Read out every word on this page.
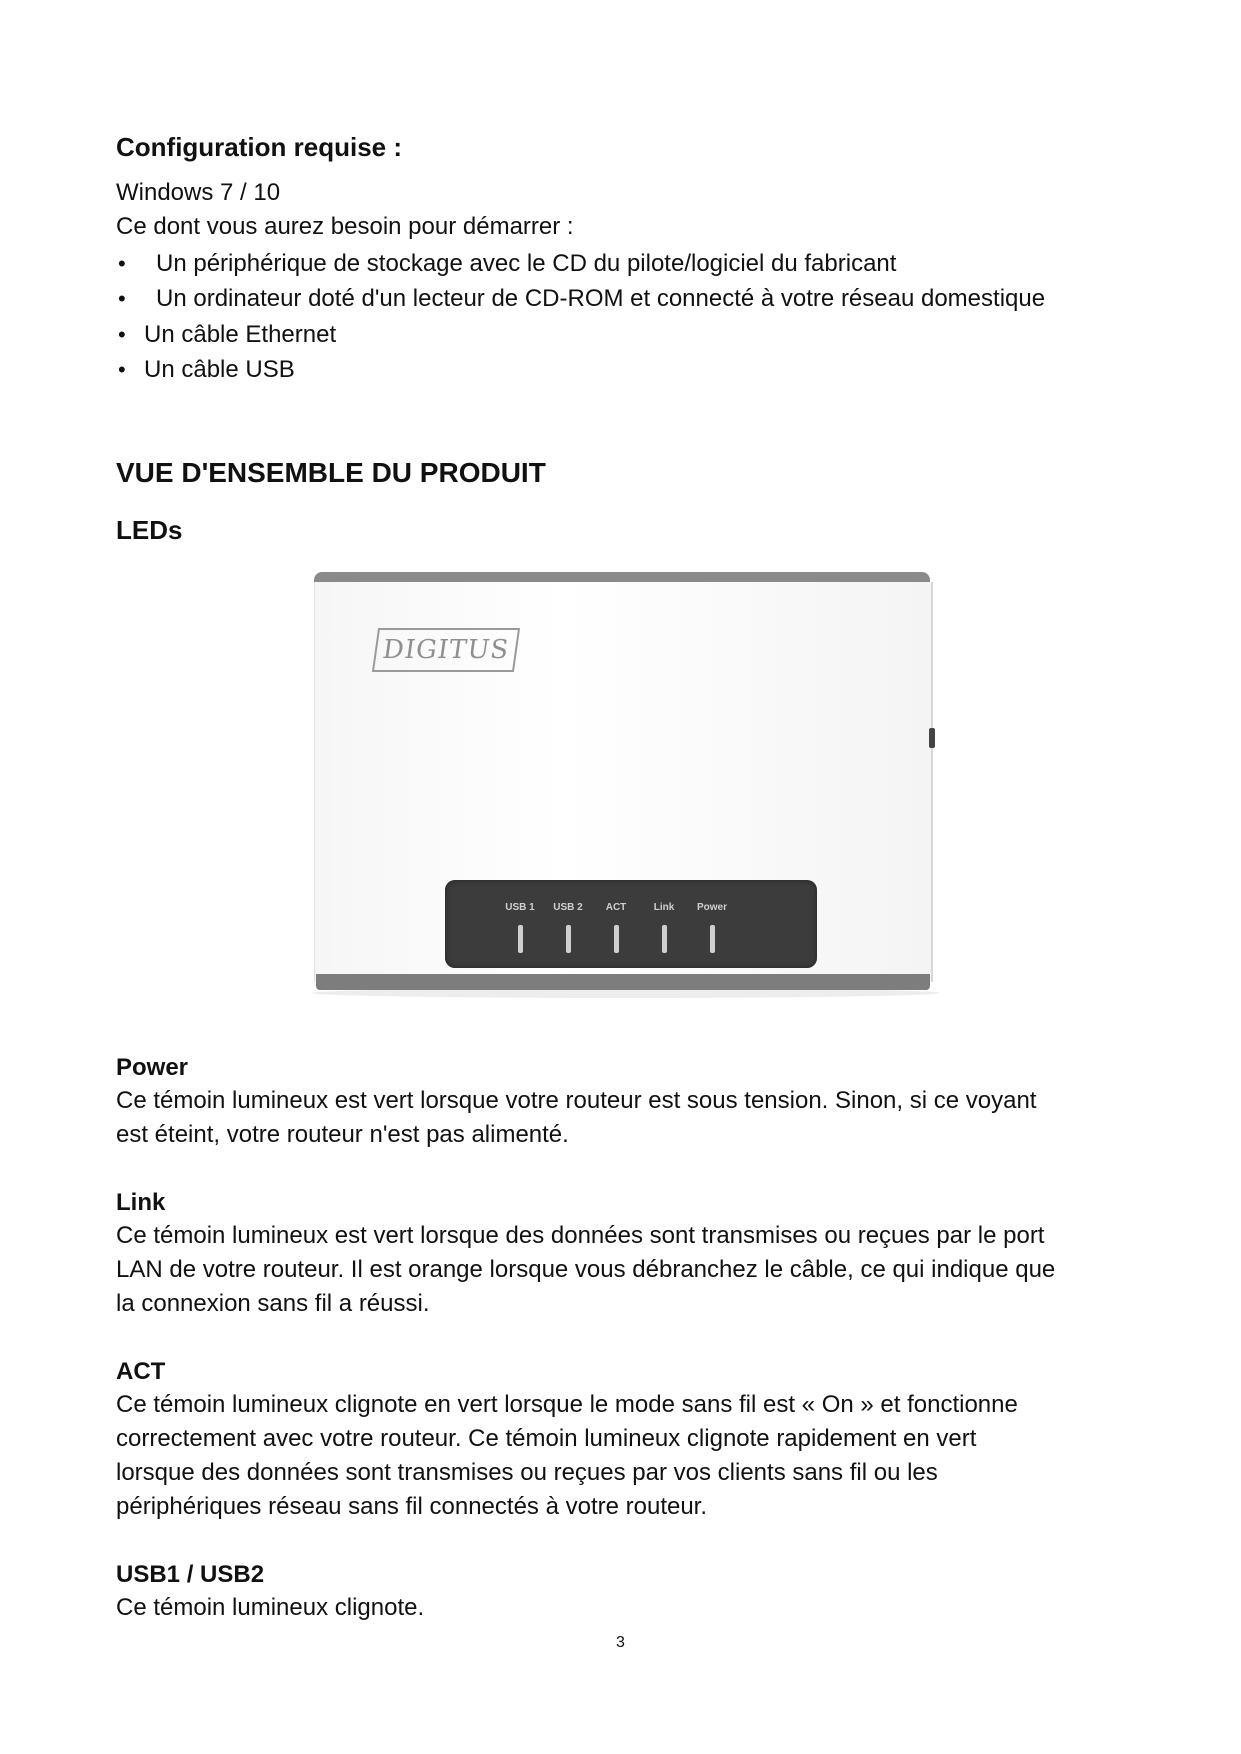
Configuration requise :
Windows 7 / 10
Ce dont vous aurez besoin pour démarrer :
• Un périphérique de stockage avec le CD du pilote/logiciel du fabricant
• Un ordinateur doté d'un lecteur de CD-ROM et connecté à votre réseau domestique
• Un câble Ethernet
• Un câble USB
VUE D'ENSEMBLE DU PRODUIT
LEDs
DIGITUS
USB 1	USB 2	ACT	Link	Power
Power
Ce témoin lumineux est vert lorsque votre routeur est sous tension. Sinon, si ce voyant
est éteint, votre routeur n'est pas alimenté.
Link
Ce témoin lumineux est vert lorsque des données sont transmises ou reçues par le port
LAN de votre routeur. Il est orange lorsque vous débranchez le câble, ce qui indique que
la connexion sans fil a réussi.
ACT
Ce témoin lumineux clignote en vert lorsque le mode sans fil est « On » et fonctionne
correctement avec votre routeur. Ce témoin lumineux clignote rapidement en vert
lorsque des données sont transmises ou reçues par vos clients sans fil ou les
périphériques réseau sans fil connectés à votre routeur.
USB1 / USB2
Ce témoin lumineux clignote.
3
